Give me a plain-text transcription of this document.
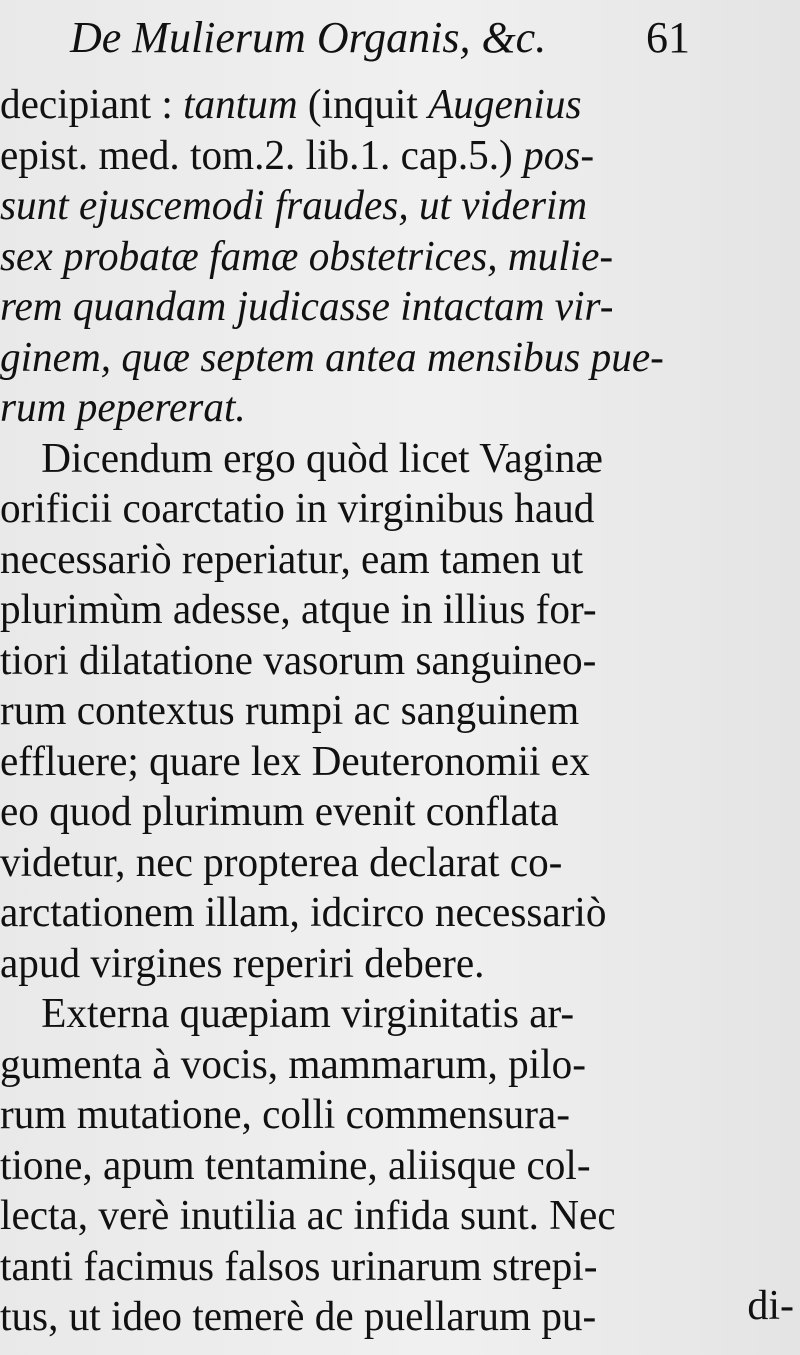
De Mulierum Organis, &c. 61
decipiant : tantum (inquit Augenius
epist. med. tom.2. lib.1. cap.5.) pos-
sunt ejuscemodi fraudes, ut viderim
sex probatæ famæ obstetrices, mulie-
rem quandam judicasse intactam vir-
ginem, quæ septem antea mensibus pue-
rum pepererat.
 Dicendum ergo quòd licet Vaginæ
orificii coarctatio in virginibus haud
necessariò reperiatur, eam tamen ut
plurimùm adesse, atque in illius for-
tiori dilatatione vasorum sanguineo-
rum contextus rumpi ac sanguinem
effluere; quare lex Deuteronomii ex
eo quod plurimum evenit conflata
videtur, nec propterea declarat co-
arctationem illam, idcirco necessariò
apud virgines reperiri debere.
 Externa quæpiam virginitatis ar-
gumenta à vocis, mammarum, pilo-
rum mutatione, colli commensura-
tione, apum tentamine, aliisque col-
lecta, verè inutilia ac infida sunt. Nec
tanti facimus falsos urinarum strepi-
tus, ut ideo temerè de puellarum pu-	di-
